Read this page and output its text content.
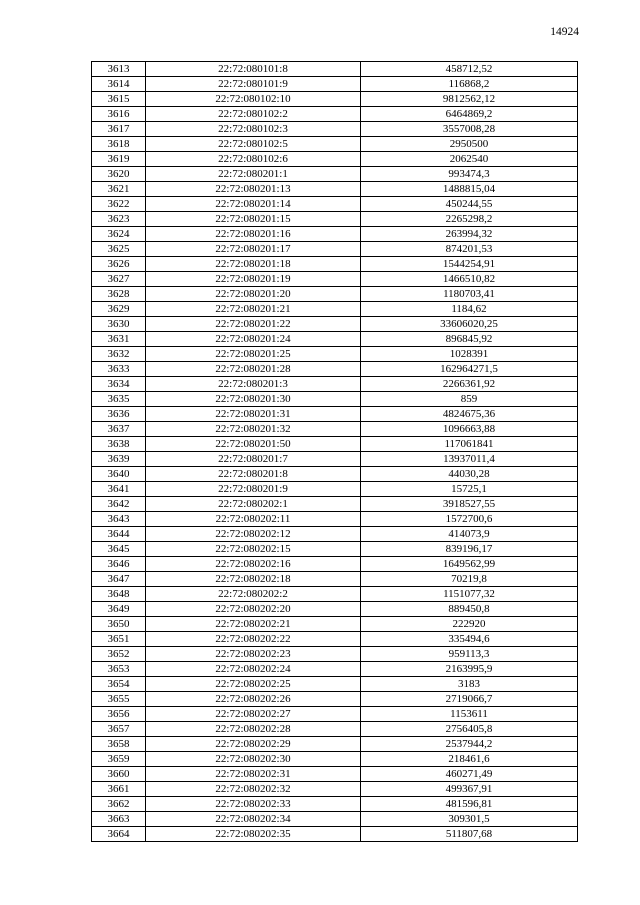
14924
3613	22:72:080101:8	458712,52
3614	22:72:080101:9	116868,2
3615	22:72:080102:10	9812562,12
3616	22:72:080102:2	6464869,2
3617	22:72:080102:3	3557008,28
3618	22:72:080102:5	2950500
3619	22:72:080102:6	2062540
3620	22:72:080201:1	993474,3
3621	22:72:080201:13	1488815,04
3622	22:72:080201:14	450244,55
3623	22:72:080201:15	2265298,2
3624	22:72:080201:16	263994,32
3625	22:72:080201:17	874201,53
3626	22:72:080201:18	1544254,91
3627	22:72:080201:19	1466510,82
3628	22:72:080201:20	1180703,41
3629	22:72:080201:21	1184,62
3630	22:72:080201:22	33606020,25
3631	22:72:080201:24	896845,92
3632	22:72:080201:25	1028391
3633	22:72:080201:28	162964271,5
3634	22:72:080201:3	2266361,92
3635	22:72:080201:30	859
3636	22:72:080201:31	4824675,36
3637	22:72:080201:32	1096663,88
3638	22:72:080201:50	117061841
3639	22:72:080201:7	13937011,4
3640	22:72:080201:8	44030,28
3641	22:72:080201:9	15725,1
3642	22:72:080202:1	3918527,55
3643	22:72:080202:11	1572700,6
3644	22:72:080202:12	414073,9
3645	22:72:080202:15	839196,17
3646	22:72:080202:16	1649562,99
3647	22:72:080202:18	70219,8
3648	22:72:080202:2	1151077,32
3649	22:72:080202:20	889450,8
3650	22:72:080202:21	222920
3651	22:72:080202:22	335494,6
3652	22:72:080202:23	959113,3
3653	22:72:080202:24	2163995,9
3654	22:72:080202:25	3183
3655	22:72:080202:26	2719066,7
3656	22:72:080202:27	1153611
3657	22:72:080202:28	2756405,8
3658	22:72:080202:29	2537944,2
3659	22:72:080202:30	218461,6
3660	22:72:080202:31	460271,49
3661	22:72:080202:32	499367,91
3662	22:72:080202:33	481596,81
3663	22:72:080202:34	309301,5
3664	22:72:080202:35	511807,68
